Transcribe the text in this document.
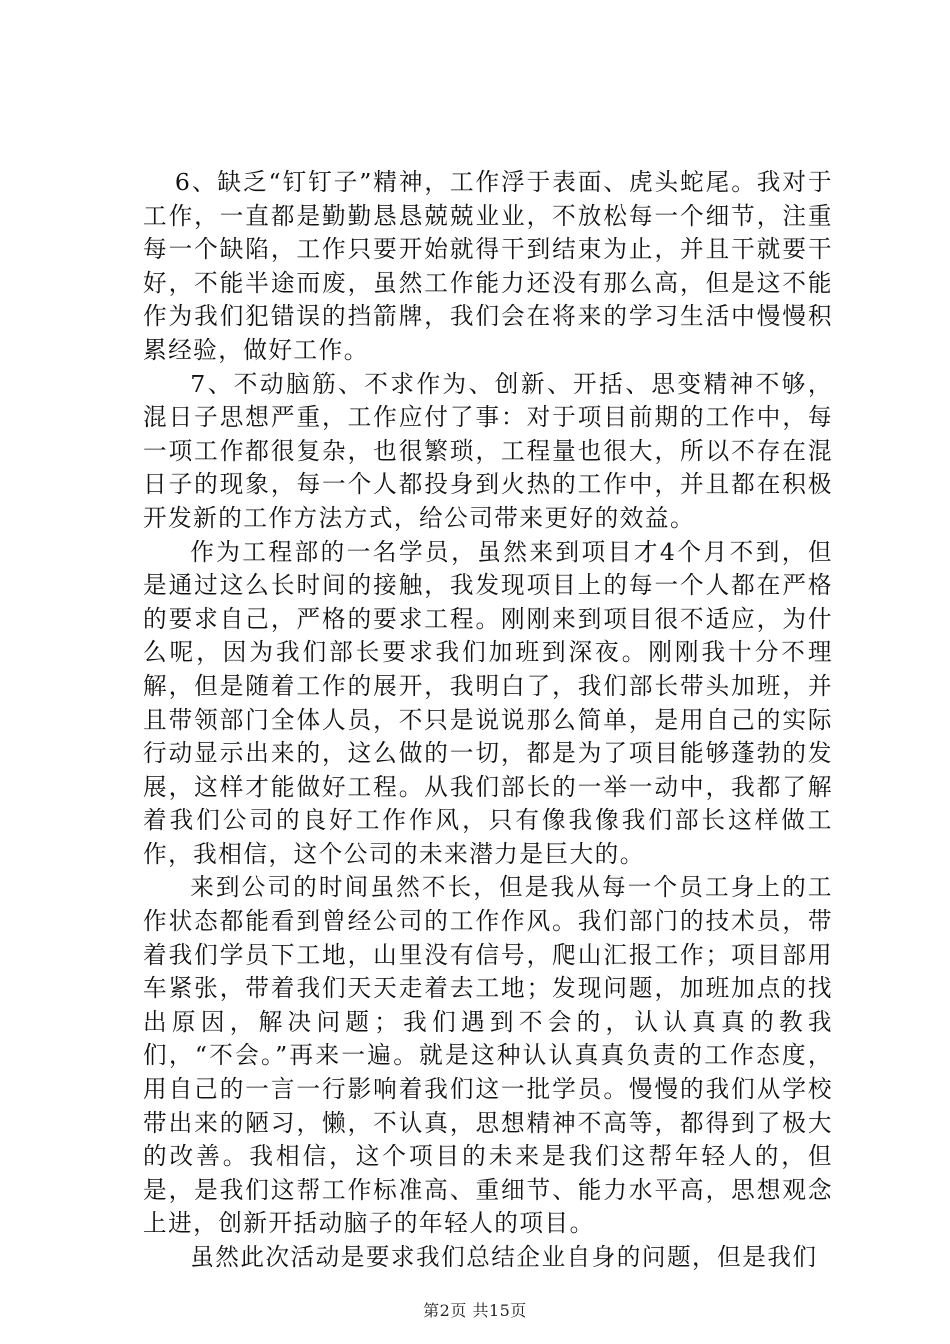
6、缺乏“钉钉子”精神，工作浮于表面、虎头蛇尾。我对于工作，一直都是勤勤恳恳兢兢业业，不放松每一个细节，注重每一个缺陷，工作只要开始就得干到结束为止，并且干就要干好，不能半途而废，虽然工作能力还没有那么高，但是这不能作为我们犯错误的挡箭牌，我们会在将来的学习生活中慢慢积累经验，做好工作。

7、不动脑筋、不求作为、创新、开括、思变精神不够，混日子思想严重，工作应付了事：对于项目前期的工作中，每一项工作都很复杂，也很繁琐，工程量也很大，所以不存在混日子的现象，每一个人都投身到火热的工作中，并且都在积极开发新的工作方法方式，给公司带来更好的效益。

作为工程部的一名学员，虽然来到项目才4个月不到，但是通过这么长时间的接触，我发现项目上的每一个人都在严格的要求自己，严格的要求工程。刚刚来到项目很不适应，为什么呢，因为我们部长要求我们加班到深夜。刚刚我十分不理解，但是随着工作的展开，我明白了，我们部长带头加班，并且带领部门全体人员，不只是说说那么简单，是用自己的实际行动显示出来的，这么做的一切，都是为了项目能够蓬勃的发展，这样才能做好工程。从我们部长的一举一动中，我都了解着我们公司的良好工作作风，只有像我像我们部长这样做工作，我相信，这个公司的未来潜力是巨大的。

来到公司的时间虽然不长，但是我从每一个员工身上的工作状态都能看到曾经公司的工作作风。我们部门的技术员，带着我们学员下工地，山里没有信号，爬山汇报工作；项目部用车紧张，带着我们天天走着去工地；发现问题，加班加点的找出原因，解决问题；我们遇到不会的，认认真真的教我们，“不会。”再来一遍。就是这种认认真真负责的工作态度，用自己的一言一行影响着我们这一批学员。慢慢的我们从学校带出来的陋习，懒，不认真，思想精神不高等，都得到了极大的改善。我相信，这个项目的未来是我们这帮年轻人的，但是，是我们这帮工作标准高、重细节、能力水平高，思想观念上进，创新开括动脑子的年轻人的项目。

虽然此次活动是要求我们总结企业自身的问题，但是我们

第2页 共15页
